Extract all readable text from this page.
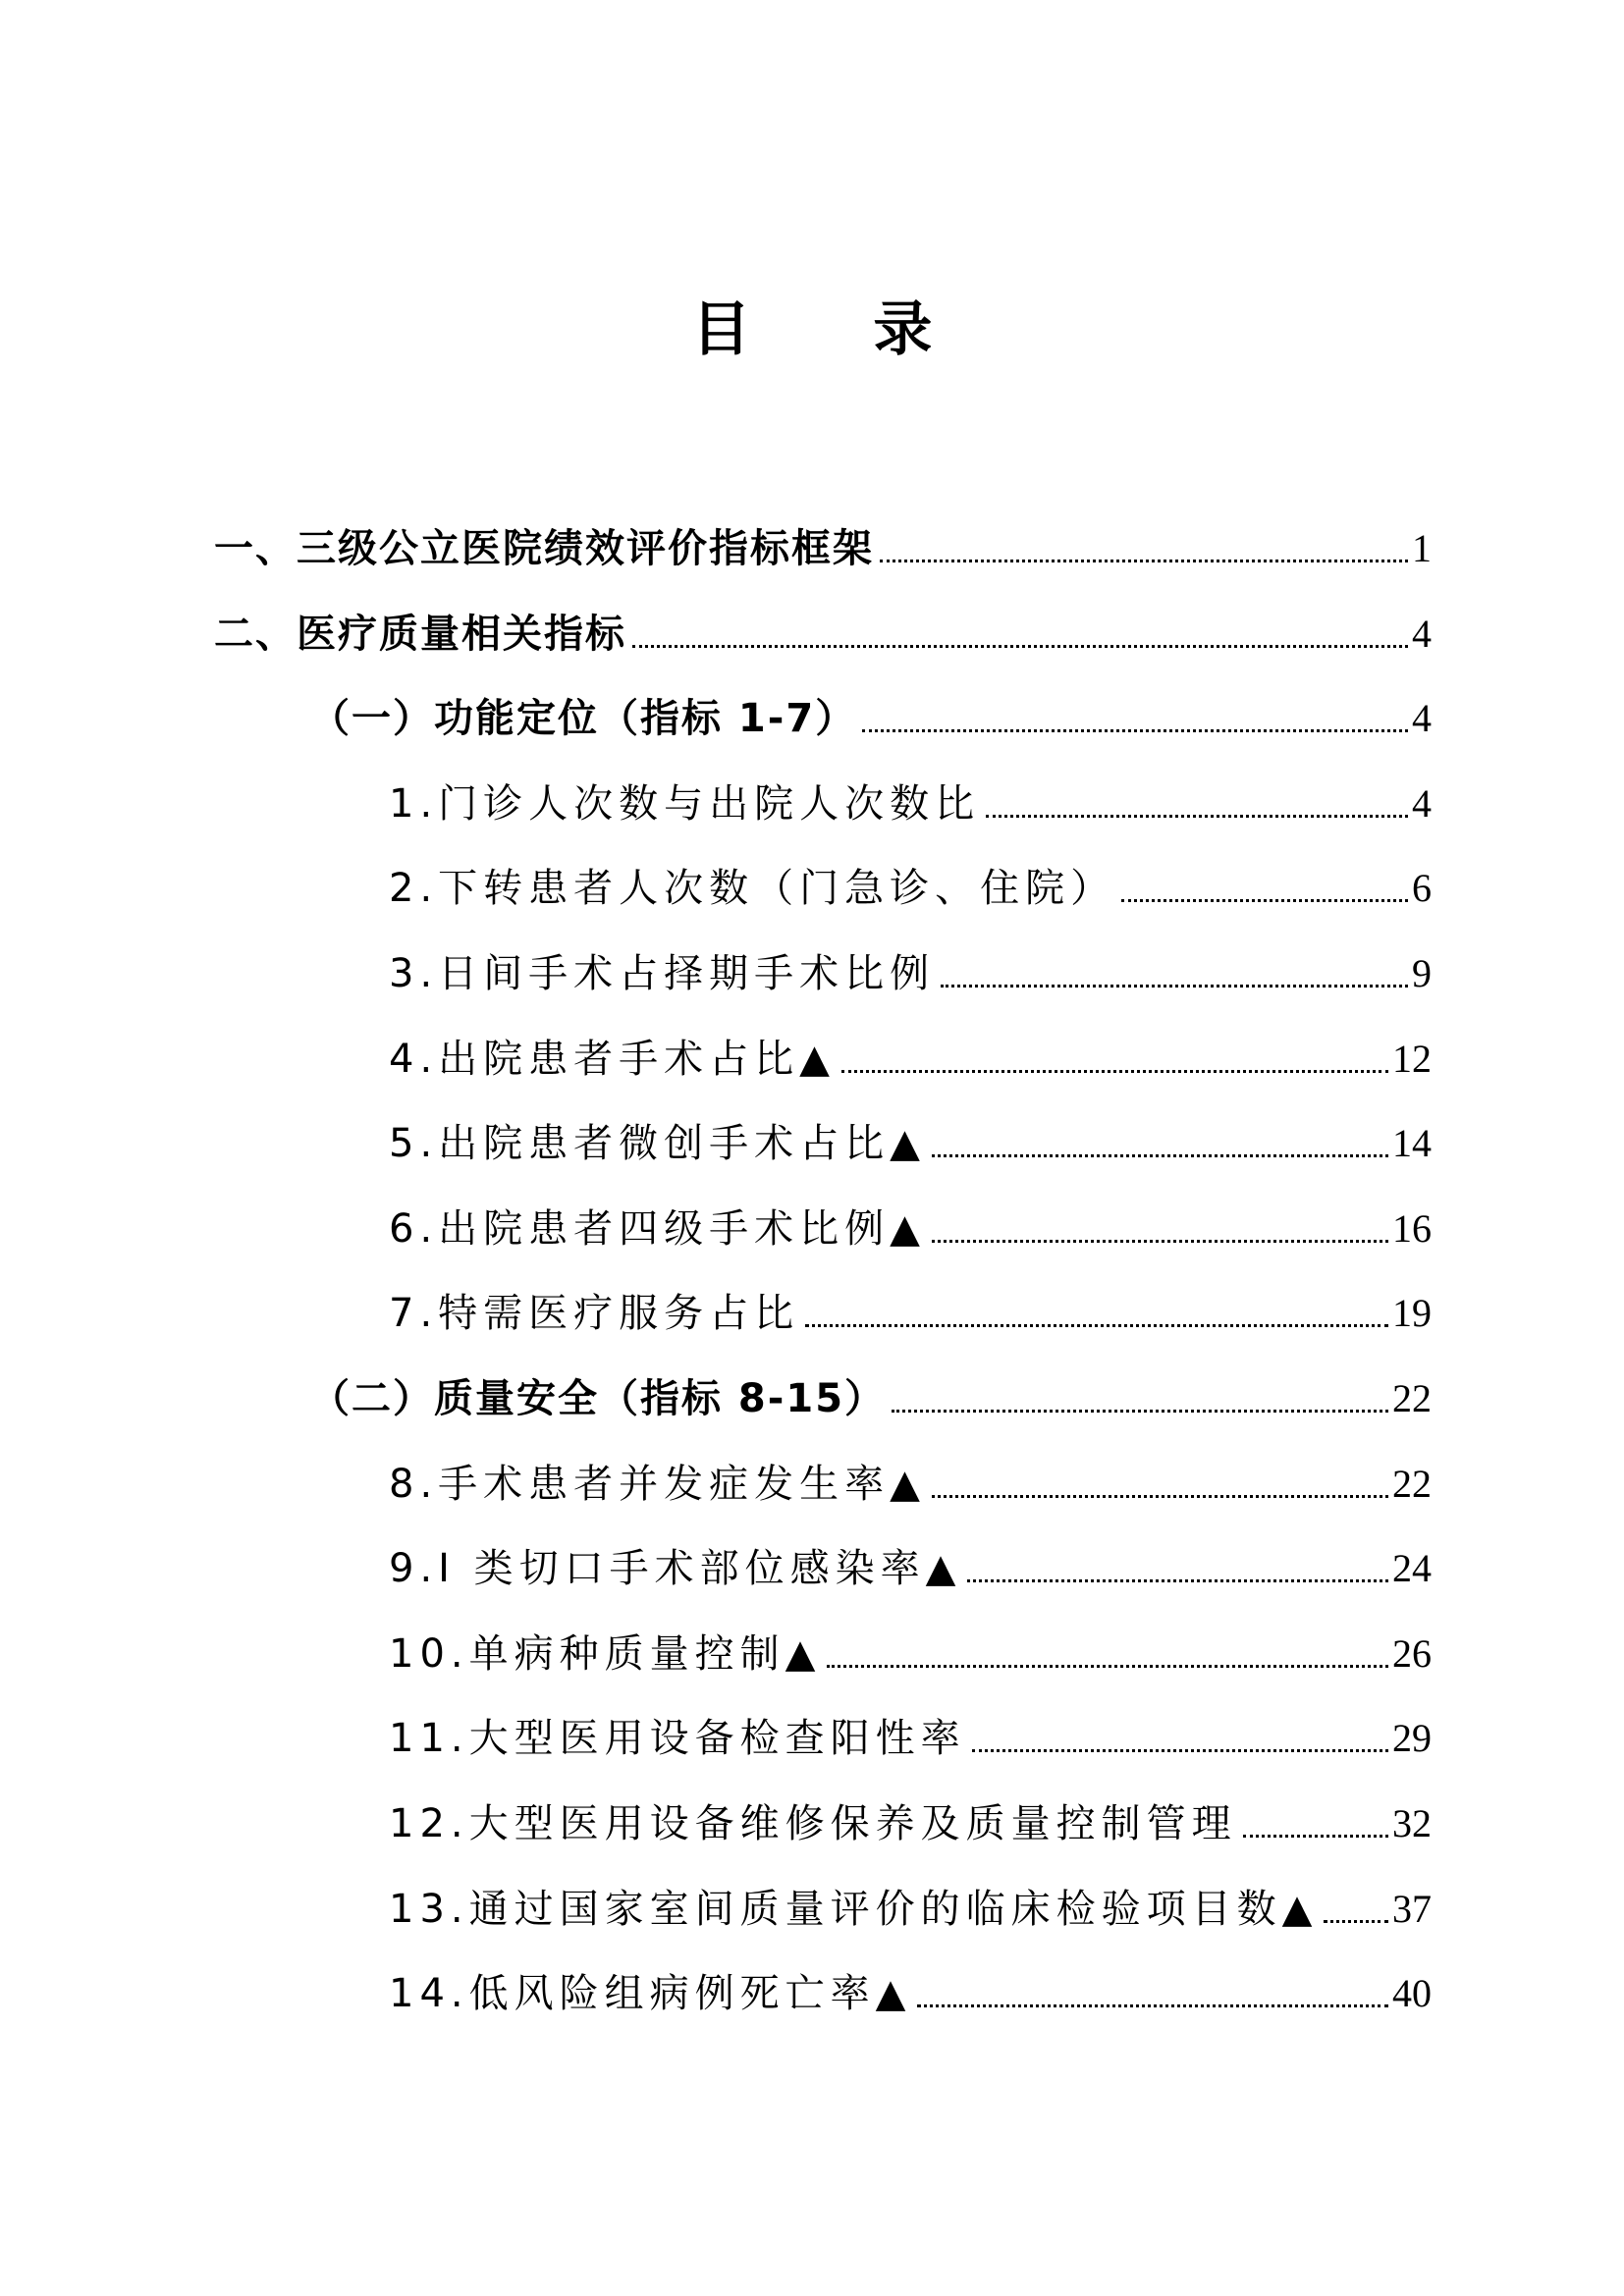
目 录
一、三级公立医院绩效评价指标框架	1
二、医疗质量相关指标	4
（一）功能定位（指标 1-7）	4
1.门诊人次数与出院人次数比	4
2.下转患者人次数（门急诊、住院）	6
3.日间手术占择期手术比例	9
4.出院患者手术占比▲	12
5.出院患者微创手术占比▲	14
6.出院患者四级手术比例▲	16
7.特需医疗服务占比	19
（二）质量安全（指标 8-15）	22
8.手术患者并发症发生率▲	22
9.I 类切口手术部位感染率▲	24
10.单病种质量控制▲	26
11.大型医用设备检查阳性率	29
12.大型医用设备维修保养及质量控制管理	32
13.通过国家室间质量评价的临床检验项目数▲ 37
14.低风险组病例死亡率▲	40
